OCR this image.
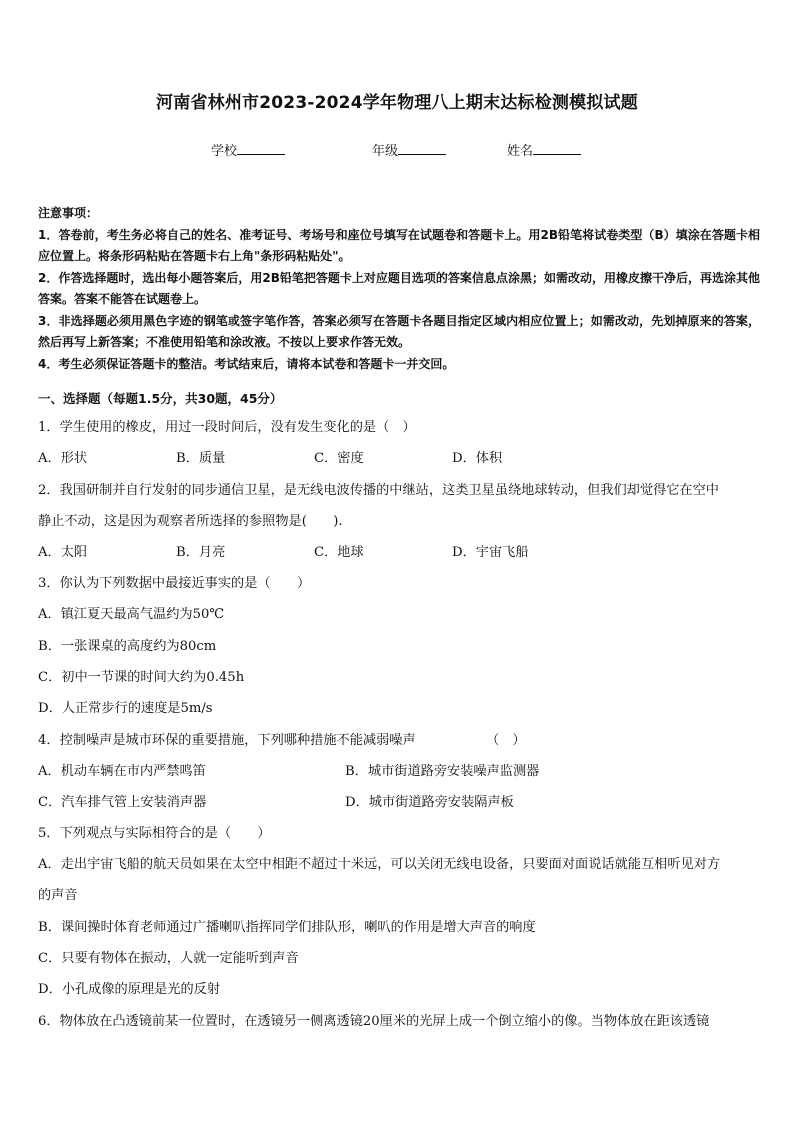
河南省林州市2023-2024学年物理八上期末达标检测模拟试题
学校	年级	姓名
注意事项：

1．答卷前，考生务必将自己的姓名、准考证号、考场号和座位号填写在试题卷和答题卡上。用2B铅笔将试卷类型（B）填涂在答题卡相应位置上。将条形码粘贴在答题卡右上角"条形码粘贴处"。

2．作答选择题时，选出每小题答案后，用2B铅笔把答题卡上对应题目选项的答案信息点涂黑；如需改动，用橡皮擦干净后，再选涂其他答案。答案不能答在试题卷上。

3．非选择题必须用黑色字迹的钢笔或签字笔作答，答案必须写在答题卡各题目指定区域内相应位置上；如需改动，先划掉原来的答案，然后再写上新答案；不准使用铅笔和涂改液。不按以上要求作答无效。

4．考生必须保证答题卡的整洁。考试结束后，请将本试卷和答题卡一并交回。

一、选择题（每题1.5分，共30题，45分）
1．学生使用的橡皮，用过一段时间后，没有发生变化的是（　）
A．形状	B．质量	C．密度	D．体积
2．我国研制并自行发射的同步通信卫星，是无线电波传播的中继站，这类卫星虽绕地球转动，但我们却觉得它在空中
静止不动，这是因为观察者所选择的参照物是(　　).
A．太阳	B．月亮	C．地球	D．宇宙飞船
3．你认为下列数据中最接近事实的是（　　）
A．镇江夏天最高气温约为50℃
B．一张课桌的高度约为80cm
C．初中一节课的时间大约为0.45h
D．人正常步行的速度是5m/s
4．控制噪声是城市环保的重要措施，下列哪种措施不能减弱噪声	（　）
A．机动车辆在市内严禁鸣笛	B．城市街道路旁安装噪声监测器
C．汽车排气管上安装消声器	D．城市街道路旁安装隔声板
5．下列观点与实际相符合的是（　　）
A．走出宇宙飞船的航天员如果在太空中相距不超过十米远，可以关闭无线电设备，只要面对面说话就能互相听见对方
的声音
B．课间操时体育老师通过广播喇叭指挥同学们排队形，喇叭的作用是增大声音的响度
C．只要有物体在振动，人就一定能听到声音
D．小孔成像的原理是光的反射
6．物体放在凸透镜前某一位置时，在透镜另一侧离透镜20厘米的光屏上成一个倒立缩小的像。当物体放在距该透镜
